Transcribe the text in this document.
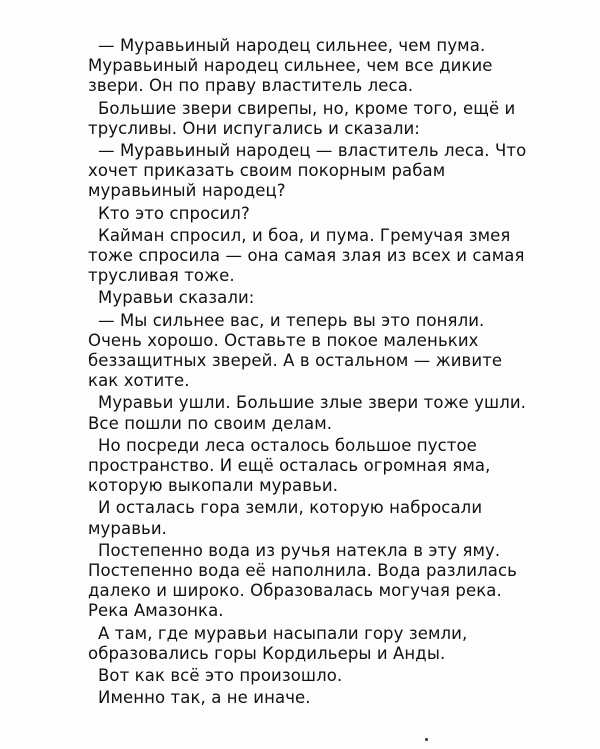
— Муравьиный народец сильнее, чем пума. Муравьиный народец сильнее, чем все дикие звери. Он по праву властитель леса.

Большие звери свирепы, но, кроме того, ещё и трусливы. Они испугались и сказали:

— Муравьиный народец — властитель леса. Что хочет приказать своим покорным рабам муравьиный народец?

Кто это спросил?

Кайман спросил, и боа, и пума. Гремучая змея тоже спросила — она самая злая из всех и самая трусливая тоже.

Муравьи сказали:

— Мы сильнее вас, и теперь вы это поняли. Очень хорошо. Оставьте в покое маленьких беззащитных зверей. А в остальном — живите как хотите.

Муравьи ушли. Большие злые звери тоже ушли. Все пошли по своим делам.

Но посреди леса осталось большое пустое пространство. И ещё осталась огромная яма, которую выкопали муравьи.

И осталась гора земли, которую набросали муравьи.

Постепенно вода из ручья натекла в эту яму. Постепенно вода её наполнила. Вода разлилась далеко и широко. Образовалась могучая река. Река Амазонка.

А там, где муравьи насыпали гору земли, образовались горы Кордильеры и Анды.

Вот как всё это произошло.

Именно так, а не иначе.
